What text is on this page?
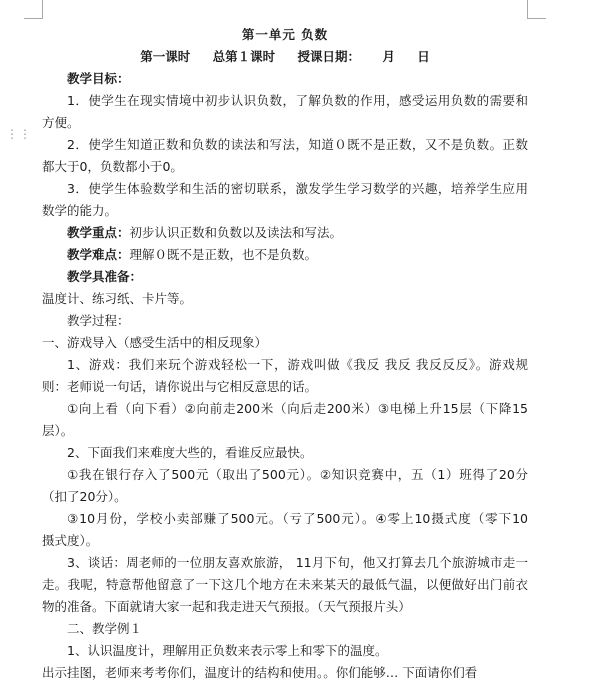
⋮⋮
第一单元 负数
第一课时 总第１课时 授课日期： 月 日
教学目标：
1．使学生在现实情境中初步认识负数，了解负数的作用，感受运用负数的需要和
方便。
2．使学生知道正数和负数的读法和写法，知道０既不是正数，又不是负数。正数
都大于0，负数都小于0。
3．使学生体验数学和生活的密切联系，激发学生学习数学的兴趣，培养学生应用
数学的能力。
教学重点：初步认识正数和负数以及读法和写法。
教学难点：理解０既不是正数，也不是负数。
教学具准备：
温度计、练习纸、卡片等。
教学过程：
一、游戏导入（感受生活中的相反现象）
1、游戏：我们来玩个游戏轻松一下，游戏叫做《我反 我反 我反反反》。游戏规
则：老师说一句话，请你说出与它相反意思的话。
①向上看（向下看）②向前走200米（向后走200米）③电梯上升15层（下降15
层）。
2、下面我们来难度大些的，看谁反应最快。
①我在银行存入了500元（取出了500元）。②知识竞赛中，五（1）班得了20分
（扣了20分）。
③10月份，学校小卖部赚了500元。（亏了500元）。④零上10摄式度（零下10
摄式度）。
3、谈话：周老师的一位朋友喜欢旅游， 11月下旬，他又打算去几个旅游城市走一
走。我呢，特意帮他留意了一下这几个地方在未来某天的最低气温，以便做好出门前衣
物的准备。下面就请大家一起和我走进天气预报。（天气预报片头）
二、教学例１
1、认识温度计，理解用正负数来表示零上和零下的温度。
出示挂图，老师来考考你们，温度计的结构和使用。。你们能够… 下面请你们看
